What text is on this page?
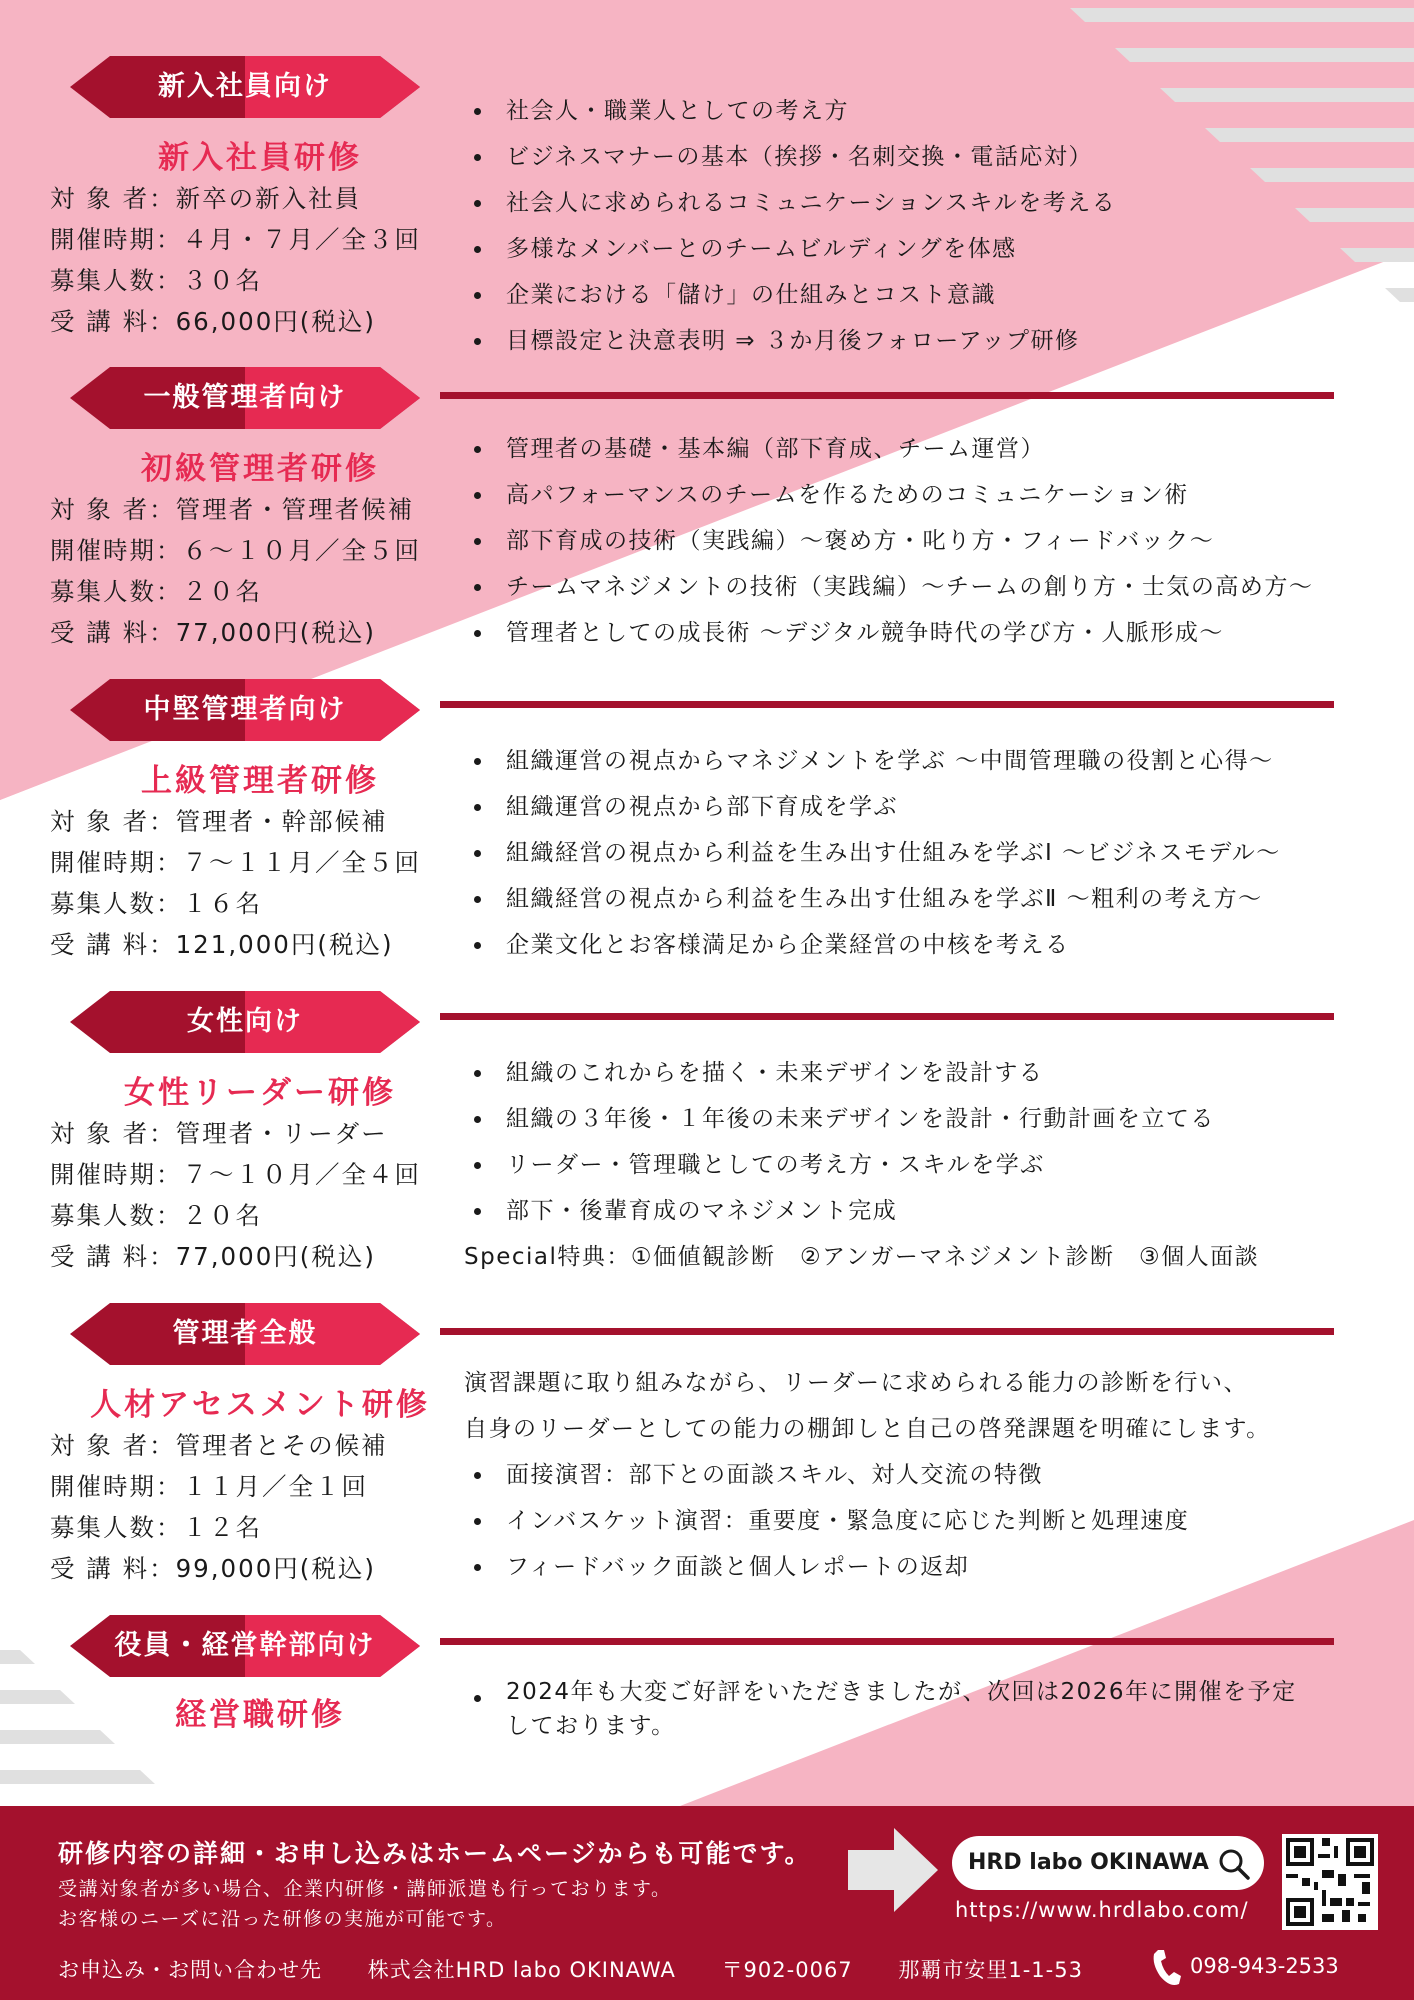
新入社員向け
新入社員研修
対 象 者：新卒の新入社員
開催時期：４月・７月／全３回
募集人数：３０名
受 講 料：66,000円(税込)
社会人・職業人としての考え方
ビジネスマナーの基本（挨拶・名刺交換・電話応対）
社会人に求められるコミュニケーションスキルを考える
多様なメンバーとのチームビルディングを体感
企業における「儲け」の仕組みとコスト意識
目標設定と決意表明 ⇒ ３か月後フォローアップ研修
一般管理者向け
初級管理者研修
対 象 者：管理者・管理者候補
開催時期：６～１０月／全５回
募集人数：２０名
受 講 料：77,000円(税込)
管理者の基礎・基本編（部下育成、チーム運営）
高パフォーマンスのチームを作るためのコミュニケーション術
部下育成の技術（実践編）～褒め方・叱り方・フィードバック～
チームマネジメントの技術（実践編）～チームの創り方・士気の高め方～
管理者としての成長術 ～デジタル競争時代の学び方・人脈形成～
中堅管理者向け
上級管理者研修
対 象 者：管理者・幹部候補
開催時期：７～１１月／全５回
募集人数：１６名
受 講 料：121,000円(税込)
組織運営の視点からマネジメントを学ぶ ～中間管理職の役割と心得～
組織運営の視点から部下育成を学ぶ
組織経営の視点から利益を生み出す仕組みを学ぶⅠ ～ビジネスモデル～
組織経営の視点から利益を生み出す仕組みを学ぶⅡ ～粗利の考え方～
企業文化とお客様満足から企業経営の中核を考える
女性向け
女性リーダー研修
対 象 者：管理者・リーダー
開催時期：７～１０月／全４回
募集人数：２０名
受 講 料：77,000円(税込)
組織のこれからを描く・未来デザインを設計する
組織の３年後・１年後の未来デザインを設計・行動計画を立てる
リーダー・管理職としての考え方・スキルを学ぶ
部下・後輩育成のマネジメント完成
Special特典：①価値観診断　②アンガーマネジメント診断　③個人面談
管理者全般
人材アセスメント研修
対 象 者：管理者とその候補
開催時期：１１月／全１回
募集人数：１２名
受 講 料：99,000円(税込)
演習課題に取り組みながら、リーダーに求められる能力の診断を行い、
自身のリーダーとしての能力の棚卸しと自己の啓発課題を明確にします。
面接演習：部下との面談スキル、対人交流の特徴
インバスケット演習：重要度・緊急度に応じた判断と処理速度
フィードバック面談と個人レポートの返却
役員・経営幹部向け
経営職研修
2024年も大変ご好評をいただきましたが、次回は2026年に開催を予定
しております。
研修内容の詳細・お申し込みはホームページからも可能です。
受講対象者が多い場合、企業内研修・講師派遣も行っております。
お客様のニーズに沿った研修の実施が可能です。
HRD labo OKINAWA
https://www.hrdlabo.com/
お申込み・お問い合わせ先 株式会社HRD labo OKINAWA 〒902-0067 那覇市安里1-1-53	098-943-2533
